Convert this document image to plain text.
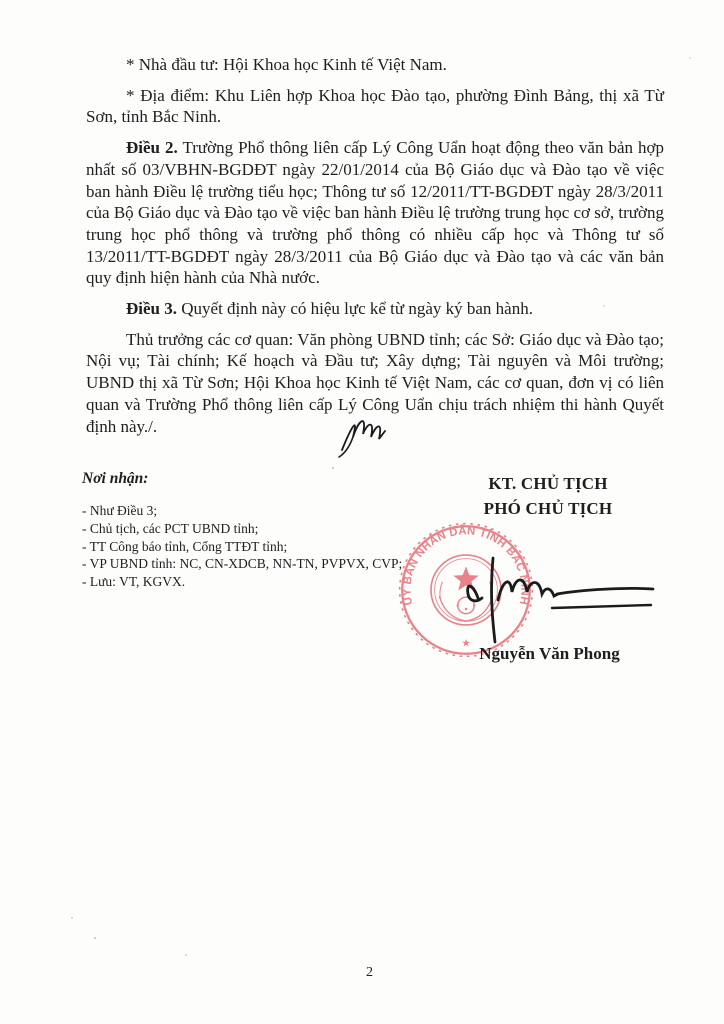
* Nhà đầu tư: Hội Khoa học Kinh tế Việt Nam.

* Địa điểm: Khu Liên hợp Khoa học Đào tạo, phường Đình Bảng, thị xã Từ Sơn, tỉnh Bắc Ninh.

Điều 2. Trường Phổ thông liên cấp Lý Công Uẩn hoạt động theo văn bản hợp nhất số 03/VBHN-BGDĐT ngày 22/01/2014 của Bộ Giáo dục và Đào tạo về việc ban hành Điều lệ trường tiểu học; Thông tư số 12/2011/TT-BGDĐT ngày 28/3/2011 của Bộ Giáo dục và Đào tạo về việc ban hành Điều lệ trường trung học cơ sở, trường trung học phổ thông và trường phổ thông có nhiều cấp học và Thông tư số 13/2011/TT-BGDĐT ngày 28/3/2011 của Bộ Giáo dục và Đào tạo và các văn bản quy định hiện hành của Nhà nước.

Điều 3. Quyết định này có hiệu lực kể từ ngày ký ban hành.

Thủ trưởng các cơ quan: Văn phòng UBND tỉnh; các Sở: Giáo dục và Đào tạo; Nội vụ; Tài chính; Kế hoạch và Đầu tư; Xây dựng; Tài nguyên và Môi trường; UBND thị xã Từ Sơn; Hội Khoa học Kinh tế Việt Nam, các cơ quan, đơn vị có liên quan và Trường Phổ thông liên cấp Lý Công Uẩn chịu trách nhiệm thi hành Quyết định này./.

Nơi nhận:
- Như Điều 3;
- Chủ tịch, các PCT UBND tỉnh;
- TT Công báo tỉnh, Cổng TTĐT tỉnh;
- VP UBND tỉnh: NC, CN-XDCB, NN-TN, PVPVX, CVP;
- Lưu: VT, KGVX.
KT. CHỦ TỊCH
PHÓ CHỦ TỊCH
ỦY BAN NHÂN DÂN TỈNH BẮC NINH
★ Nguyễn Văn Phong
2
